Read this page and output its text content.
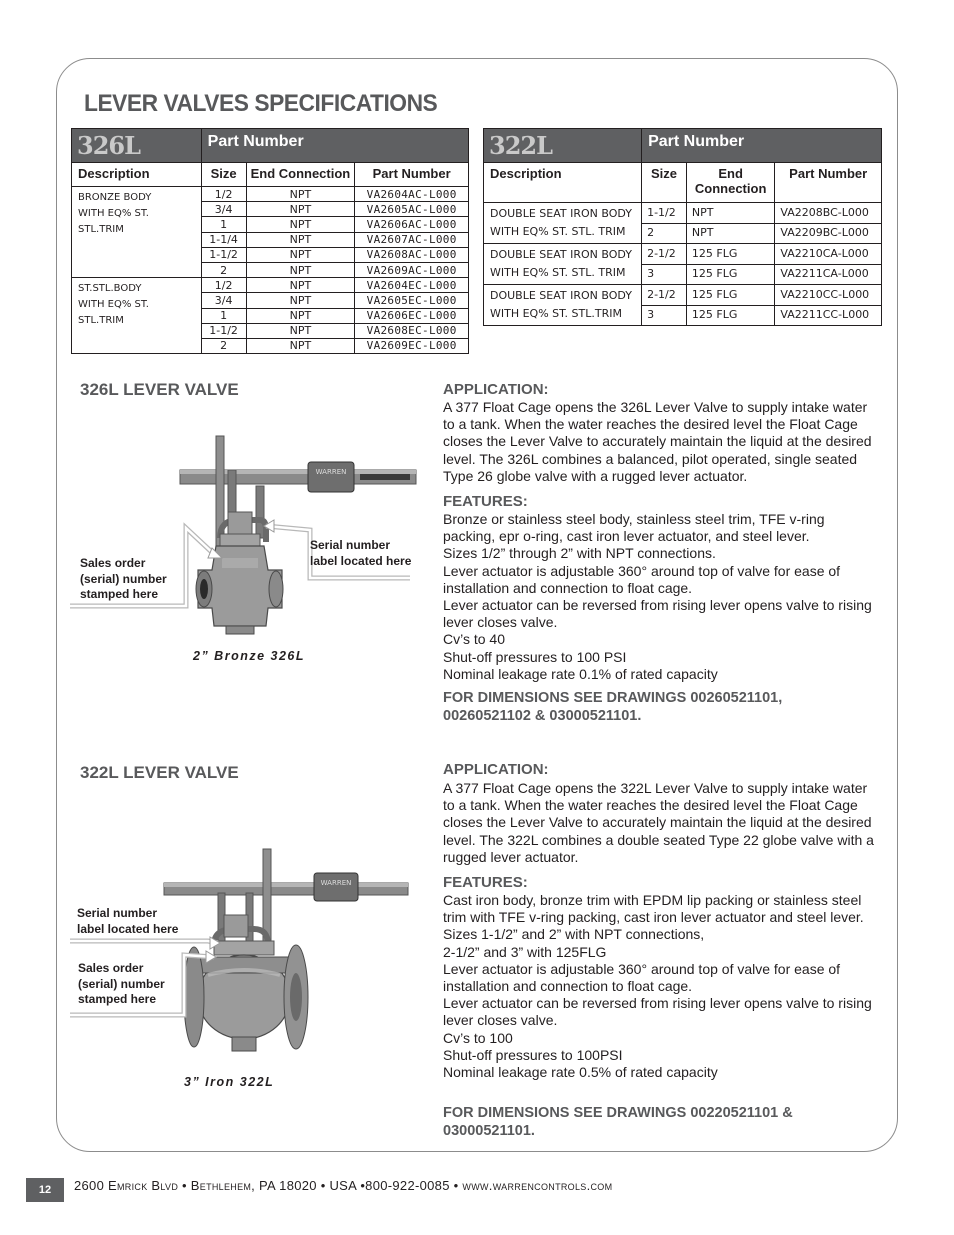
LEVER VALVES SPECIFICATIONS
326L	Part Number		
Description	Size	End Connection	Part Number
BRONZE BODY
WITH EQ% ST. STL.TRIM	1/2	NPT	VA2604AC-L000
	3/4	NPT	VA2605AC-L000
	1	NPT	VA2606AC-L000
	1-1/4	NPT	VA2607AC-L000
	1-1/2	NPT	VA2608AC-L000
	2	NPT	VA2609AC-L000
ST.STL.BODY
WITH EQ% ST. STL.TRIM	1/2	NPT	VA2604EC-L000
	3/4	NPT	VA2605EC-L000
	1	NPT	VA2606EC-L000
	1-1/2	NPT	VA2608EC-L000
	2	NPT	VA2609EC-L000
322L	Part Number		
Description	Size	End Connection	Part Number
DOUBLE SEAT IRON BODY
WITH EQ% ST. STL. TRIM	1-1/2	NPT	VA2208BC-L000
	2	NPT	VA2209BC-L000
DOUBLE SEAT IRON BODY
WITH EQ% ST. STL. TRIM	2-1/2	125 FLG	VA2210CA-L000
	3	125 FLG	VA2211CA-L000
DOUBLE SEAT IRON BODY
WITH EQ% ST. STL.TRIM	2-1/2	125 FLG	VA2210CC-L000
	3	125 FLG	VA2211CC-L000
326L LEVER VALVE
WARREN
Sales order
(serial) number
stamped here
Serial number
label located here
2” Bronze 326L
APPLICATION:
A 377 Float Cage opens the 326L Lever Valve to supply intake water to a tank. When the water reaches the desired level the Float Cage closes the Lever Valve to accurately maintain the liquid at the desired level. The 326L combines a balanced, pilot operated, single seated Type 26 globe valve with a rugged lever actuator.
FEATURES:

Bronze or stainless steel body, stainless steel trim, TFE v-ring packing, epr o-ring, cast iron lever actuator, and steel lever.

Sizes 1/2” through 2” with NPT connections.

Lever actuator is adjustable 360° around top of valve for ease of installation and connection to float cage.

Lever actuator can be reversed from rising lever opens valve to rising lever closes valve.

Cv’s to 40

Shut-off pressures to 100 PSI

Nominal leakage rate 0.1% of rated capacity

FOR DIMENSIONS SEE DRAWINGS 00260521101,
00260521102 & 03000521101.
322L LEVER VALVE
WARREN
Serial number
label located here
Sales order
(serial) number
stamped here
3” Iron 322L
APPLICATION:
A 377 Float Cage opens the 322L Lever Valve to supply intake water to a tank. When the water reaches the desired level the Float Cage closes the Lever Valve to accurately maintain the liquid at the desired level. The 322L combines a double seated Type 22 globe valve with a rugged lever actuator.
FEATURES:

Cast iron body, bronze trim with EPDM lip packing or stainless steel trim with TFE v-ring packing, cast iron lever actuator and steel lever.

Sizes 1-1/2” and 2” with NPT connections,

2-1/2” and 3” with 125FLG

Lever actuator is adjustable 360° around top of valve for ease of installation and connection to float cage.

Lever actuator can be reversed from rising lever opens valve to rising lever closes valve.

Cv’s to 100

Shut-off pressures to 100PSI

Nominal leakage rate 0.5% of rated capacity

FOR DIMENSIONS SEE DRAWINGS 00220521101 &
03000521101.
12	2600 Emrick Blvd • Bethlehem, PA 18020 • USA •800-922-0085 • www.warrencontrols.com
